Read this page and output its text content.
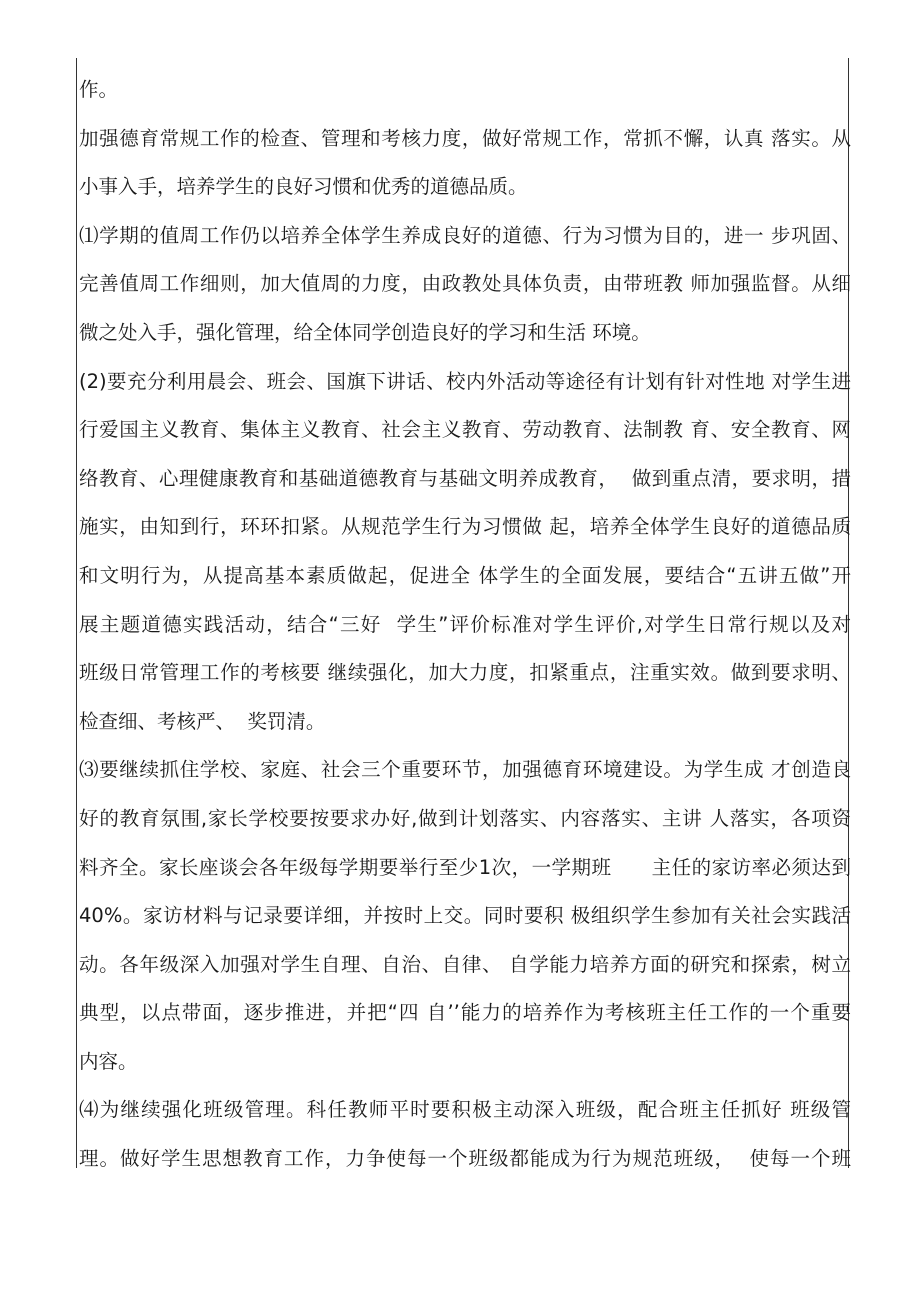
作。
加强德育常规工作的检查、管理和考核力度，做好常规工作，常抓不懈，认真 落实。从
小事入手，培养学生的良好习惯和优秀的道德品质。
⑴学期的值周工作仍以培养全体学生养成良好的道德、行为习惯为目的，进一 步巩固、
完善值周工作细则，加大值周的力度，由政教处具体负责，由带班教 师加强监督。从细
微之处入手，强化管理，给全体同学创造良好的学习和生活 环境。
(2)要充分利用晨会、班会、国旗下讲话、校内外活动等途径有计划有针对性地 对学生进
行爱国主义教育、集体主义教育、社会主义教育、劳动教育、法制教 育、安全教育、网
络教育、心理健康教育和基础道德教育与基础文明养成教育，  做到重点清，要求明，措
施实，由知到行，环环扣紧。从规范学生行为习惯做 起，培养全体学生良好的道德品质
和文明行为，从提高基本素质做起，促进全 体学生的全面发展，要结合“五讲五做”开
展主题道德实践活动，结合“三好  学生”评价标准对学生评价,对学生日常行规以及对
班级日常管理工作的考核要 继续强化，加大力度，扣紧重点，注重实效。做到要求明、
检查细、考核严、  奖罚清。
⑶要继续抓住学校、家庭、社会三个重要环节，加强德育环境建设。为学生成 才创造良
好的教育氛围,家长学校要按要求办好,做到计划落实、内容落实、主讲 人落实，各项资
料齐全。家长座谈会各年级每学期要举行至少1次，一学期班      主任的家访率必须达到
40%。家访材料与记录要详细，并按时上交。同时要积 极组织学生参加有关社会实践活
动。各年级深入加强对学生自理、自治、自律、 自学能力培养方面的研究和探索，树立
典型，以点带面，逐步推进，并把“四 自’’能力的培养作为考核班主任工作的一个重要
内容。
⑷为继续强化班级管理。科任教师平时要积极主动深入班级，配合班主任抓好 班级管
理。做好学生思想教育工作，力争使每一个班级都能成为行为规范班级，  使每一个班
